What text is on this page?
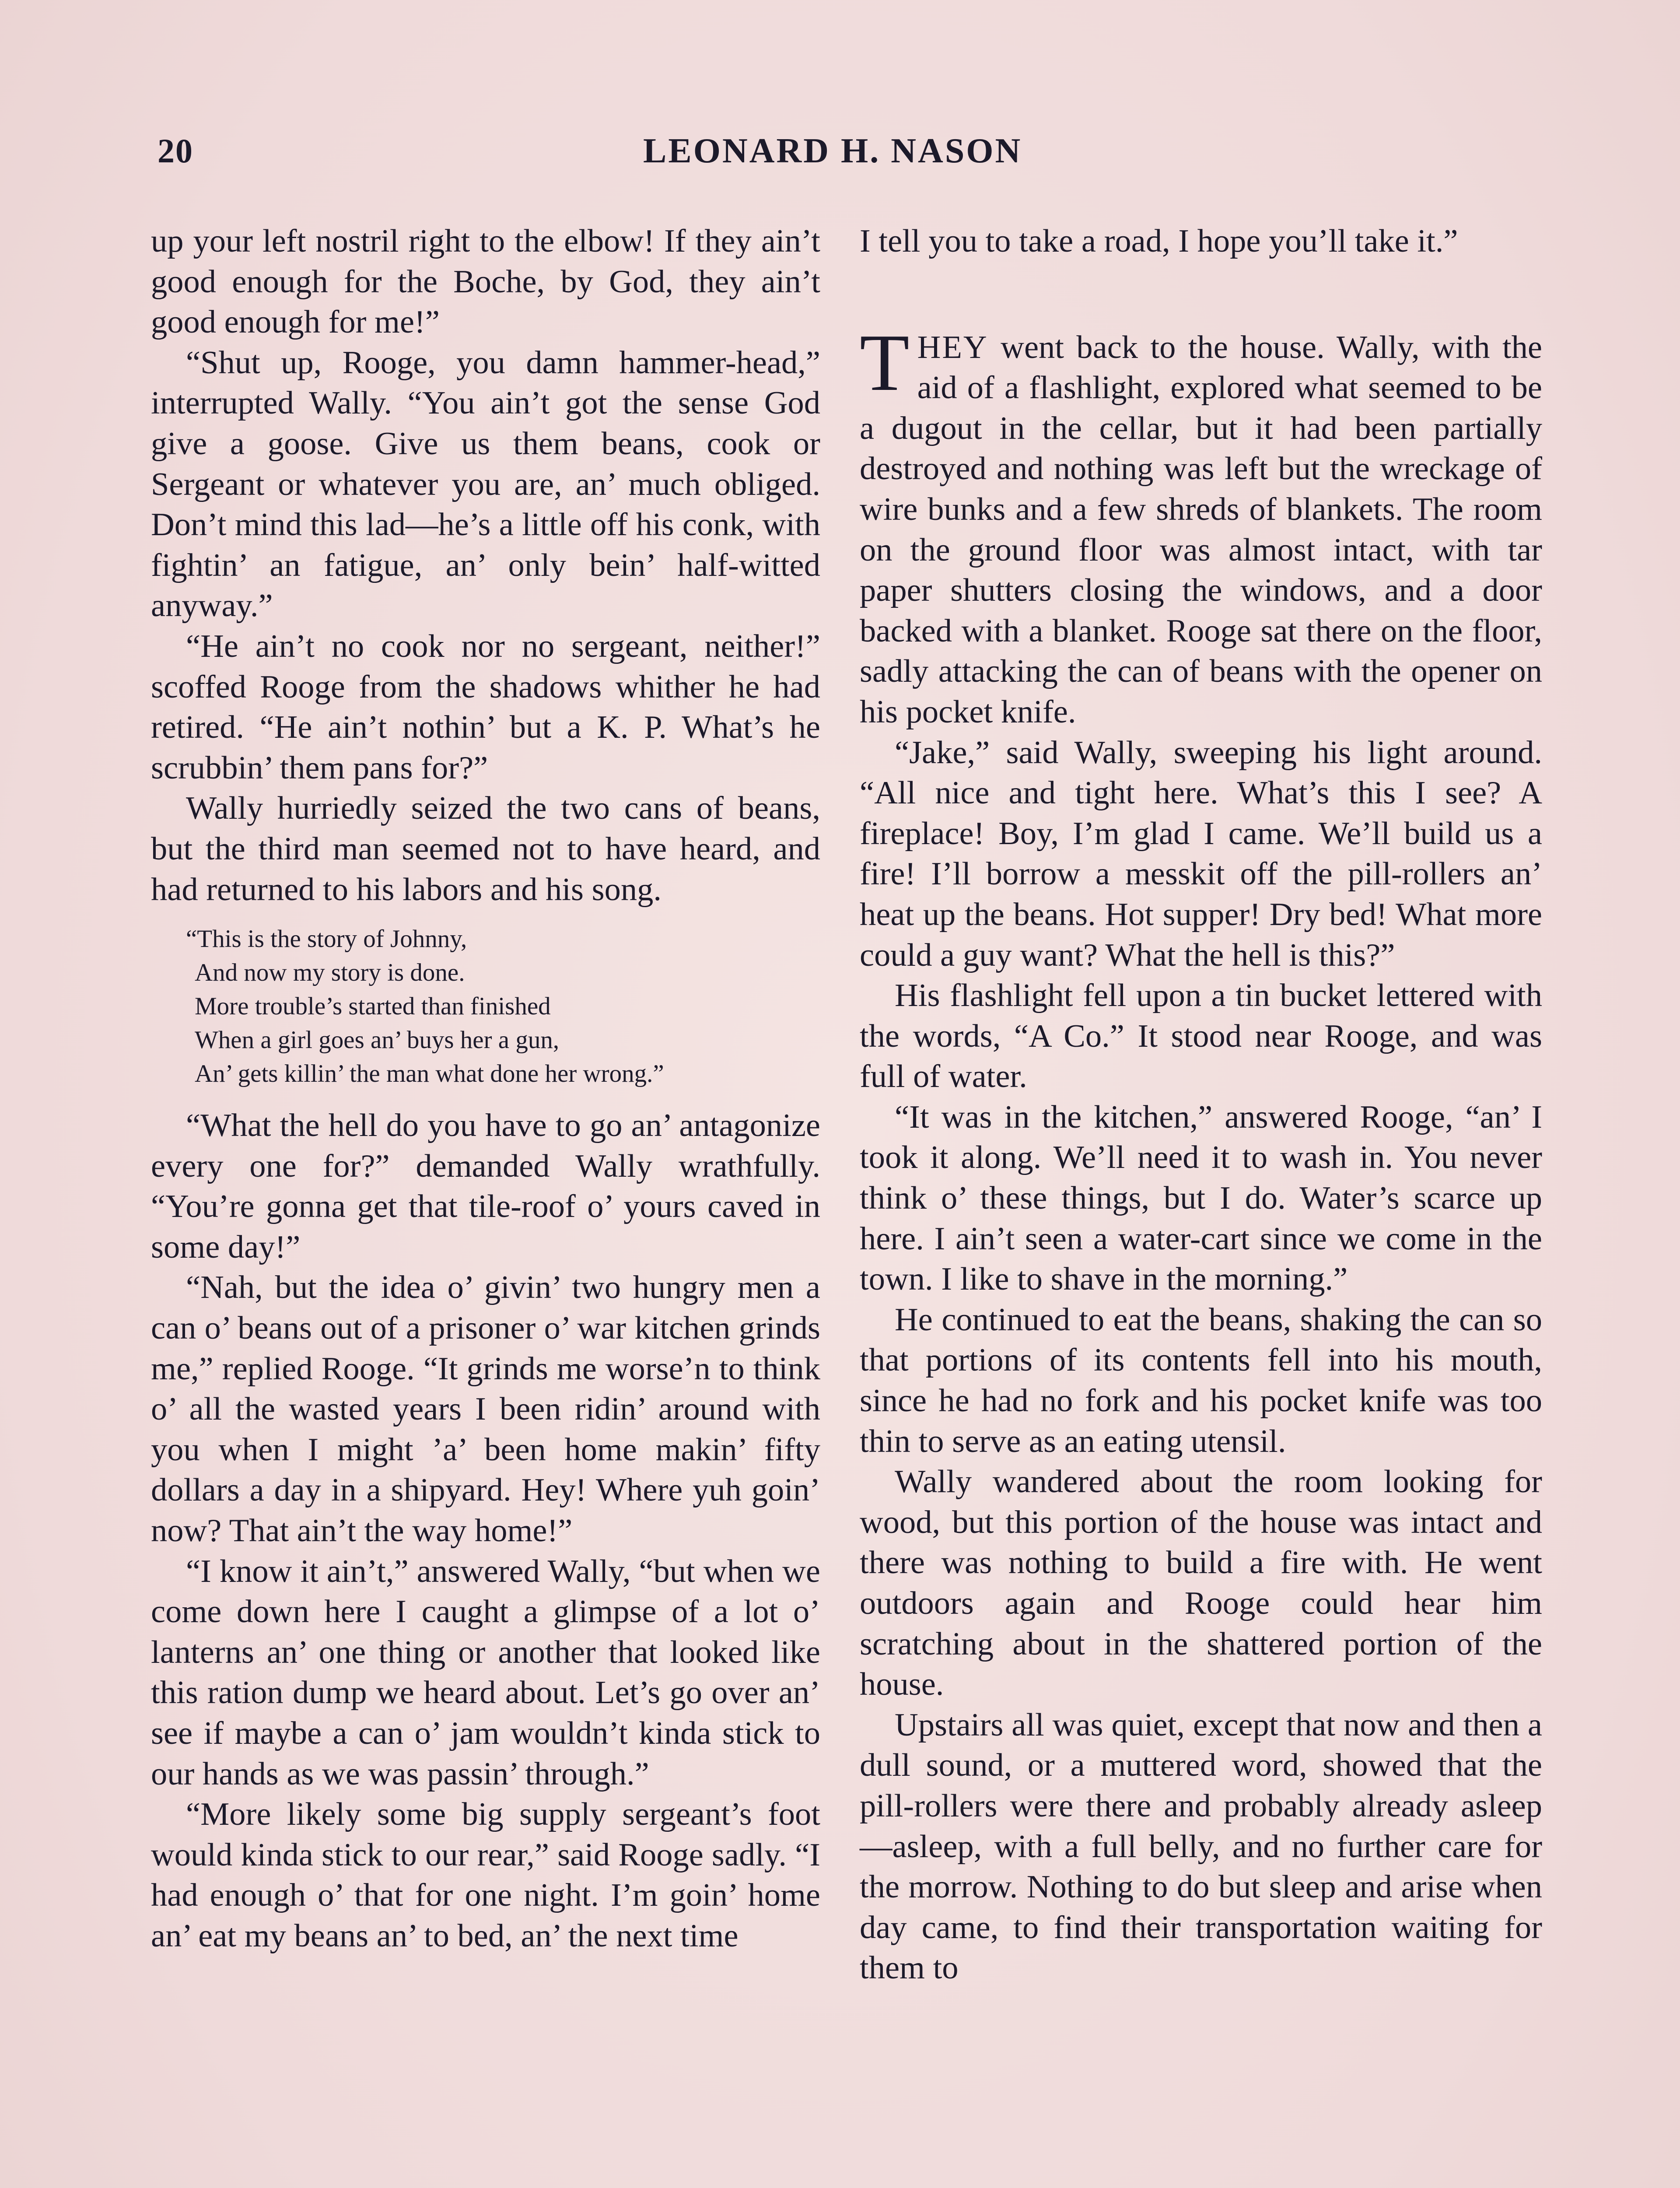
20	LEONARD H. NASON

up your left nostril right to the elbow! If they ain’t good enough for the Boche, by God, they ain’t good enough for me!”

“Shut up, Rooge, you damn hammer-head,” interrupted Wally. “You ain’t got the sense God give a goose. Give us them beans, cook or Sergeant or whatever you are, an’ much obliged. Don’t mind this lad—he’s a little off his conk, with fightin’ an fatigue, an’ only bein’ half-witted anyway.”

“He ain’t no cook nor no sergeant, neither!” scoffed Rooge from the shadows whither he had retired. “He ain’t nothin’ but a K. P. What’s he scrubbin’ them pans for?”

Wally hurriedly seized the two cans of beans, but the third man seemed not to have heard, and had returned to his labors and his song.

“This is the story of Johnny,
And now my story is done.
More trouble’s started than finished
When a girl goes an’ buys her a gun,
An’ gets killin’ the man what done her wrong.”

“What the hell do you have to go an’ antagonize every one for?” demanded Wally wrathfully. “You’re gonna get that tile-roof o’ yours caved in some day!”

“Nah, but the idea o’ givin’ two hungry men a can o’ beans out of a prisoner o’ war kitchen grinds me,” replied Rooge. “It grinds me worse’n to think o’ all the wasted years I been ridin’ around with you when I might ’a’ been home makin’ fifty dollars a day in a shipyard. Hey! Where yuh goin’ now? That ain’t the way home!”

“I know it ain’t,” answered Wally, “but when we come down here I caught a glimpse of a lot o’ lanterns an’ one thing or another that looked like this ration dump we heard about. Let’s go over an’ see if maybe a can o’ jam wouldn’t kinda stick to our hands as we was passin’ through.”

“More likely some big supply sergeant’s foot would kinda stick to our rear,” said Rooge sadly. “I had enough o’ that for one night. I’m goin’ home an’ eat my beans an’ to bed, an’ the next time

I tell you to take a road, I hope you’ll take it.”

THEY went back to the house. Wally, with the aid of a flashlight, explored what seemed to be a dugout in the cellar, but it had been partially destroyed and nothing was left but the wreckage of wire bunks and a few shreds of blankets. The room on the ground floor was almost intact, with tar paper shutters closing the windows, and a door backed with a blanket. Rooge sat there on the floor, sadly attacking the can of beans with the opener on his pocket knife.

“Jake,” said Wally, sweeping his light around. “All nice and tight here. What’s this I see? A fireplace! Boy, I’m glad I came. We’ll build us a fire! I’ll borrow a messkit off the pill-rollers an’ heat up the beans. Hot supper! Dry bed! What more could a guy want? What the hell is this?”

His flashlight fell upon a tin bucket lettered with the words, “A Co.” It stood near Rooge, and was full of water.

“It was in the kitchen,” answered Rooge, “an’ I took it along. We’ll need it to wash in. You never think o’ these things, but I do. Water’s scarce up here. I ain’t seen a water-cart since we come in the town. I like to shave in the morning.”

He continued to eat the beans, shaking the can so that portions of its contents fell into his mouth, since he had no fork and his pocket knife was too thin to serve as an eating utensil.

Wally wandered about the room looking for wood, but this portion of the house was intact and there was nothing to build a fire with. He went outdoors again and Rooge could hear him scratching about in the shattered portion of the house.

Upstairs all was quiet, except that now and then a dull sound, or a muttered word, showed that the pill-rollers were there and probably already asleep—asleep, with a full belly, and no further care for the morrow. Nothing to do but sleep and arise when day came, to find their transportation waiting for them to
